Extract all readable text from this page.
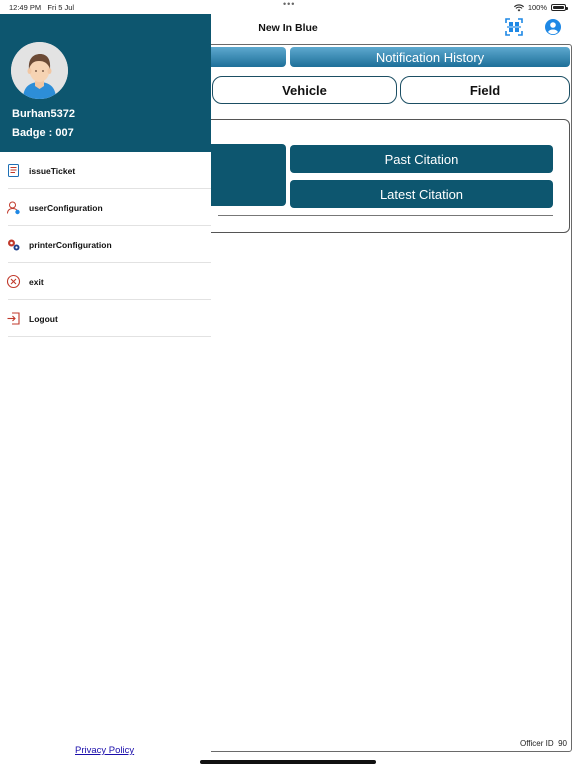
12:49 PM Fri 5 Jul	•••	100%
New In Blue
Notification History
Vehicle	Field
Past Citation
Latest Citation
Officer ID 90
Burhan5372
Badge : 007
issueTicket
userConfiguration
printerConfiguration
exit
Logout
Privacy Policy
